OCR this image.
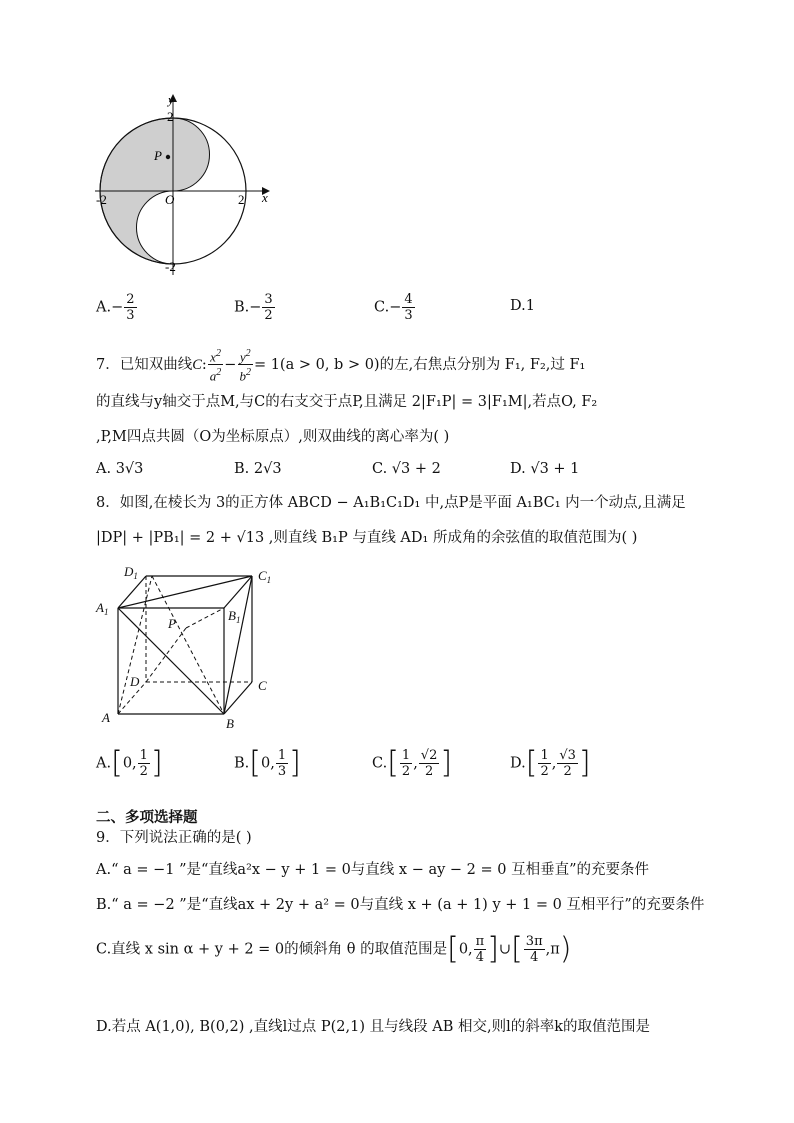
y
x
O
P
2
-2
-2	2
$A.- \frac{2}{3}$	$B.- \frac{3}{2}$	$C.- \frac{4}{3}$	D.1
7．已知双曲线C: $\frac{x^2}{a^2} - \frac{y^2}{b^2} = 1(a > 0$, b > 0)的左,右焦点分别为 F₁, F₂,过 F₁
的直线与y轴交于点M,与C的右支交于点P,且满足 2|F₁P| = 3|F₁M|,若点O, F₂
,P,M四点共圆（O为坐标原点）,则双曲线的离心率为( )
A. 3√3	B. 2√3	C. √3 + 2	D. √3 + 1
8．如图,在棱长为 3的正方体 ABCD − A₁B₁C₁D₁ 中,点P是平面 A₁BC₁ 内一个动点,且满足
|DP| + |PB₁| = 2 + √13 ,则直线 B₁P 与直线 AD₁ 所成角的余弦值的取值范围为( )
$D_1$	$C_1$
$A_1$	$B_1$
P
D	C
A	B
A.[0, $\frac{1}{2}$ ]	B.[0, $\frac{1}{3}$ ]	$C.[ \frac{1}{2}$ , $\frac{√2}{2}$ ]	$D.[ \frac{1}{2}$ , $\frac{√3}{2}$ ]
二、多项选择题
9．下列说法正确的是( )
A.“ a = −1 ”是“直线a²x − y + 1 = 0与直线 x − ay − 2 = 0 互相垂直”的充要条件
B.“ a = −2 ”是“直线ax + 2y + a² = 0与直线 x + (a + 1) y + 1 = 0 互相平行”的充要条件
C.直线 x sin α + y + 2 = 0的倾斜角 θ 的取值范围是[0, $\frac{\pi}{4}$ ]∪[ $\frac{3\pi}{4} ,\pi$)
D.若点 A(1,0), B(0,2) ,直线l过点 P(2,1) 且与线段 AB 相交,则l的斜率k的取值范围是
